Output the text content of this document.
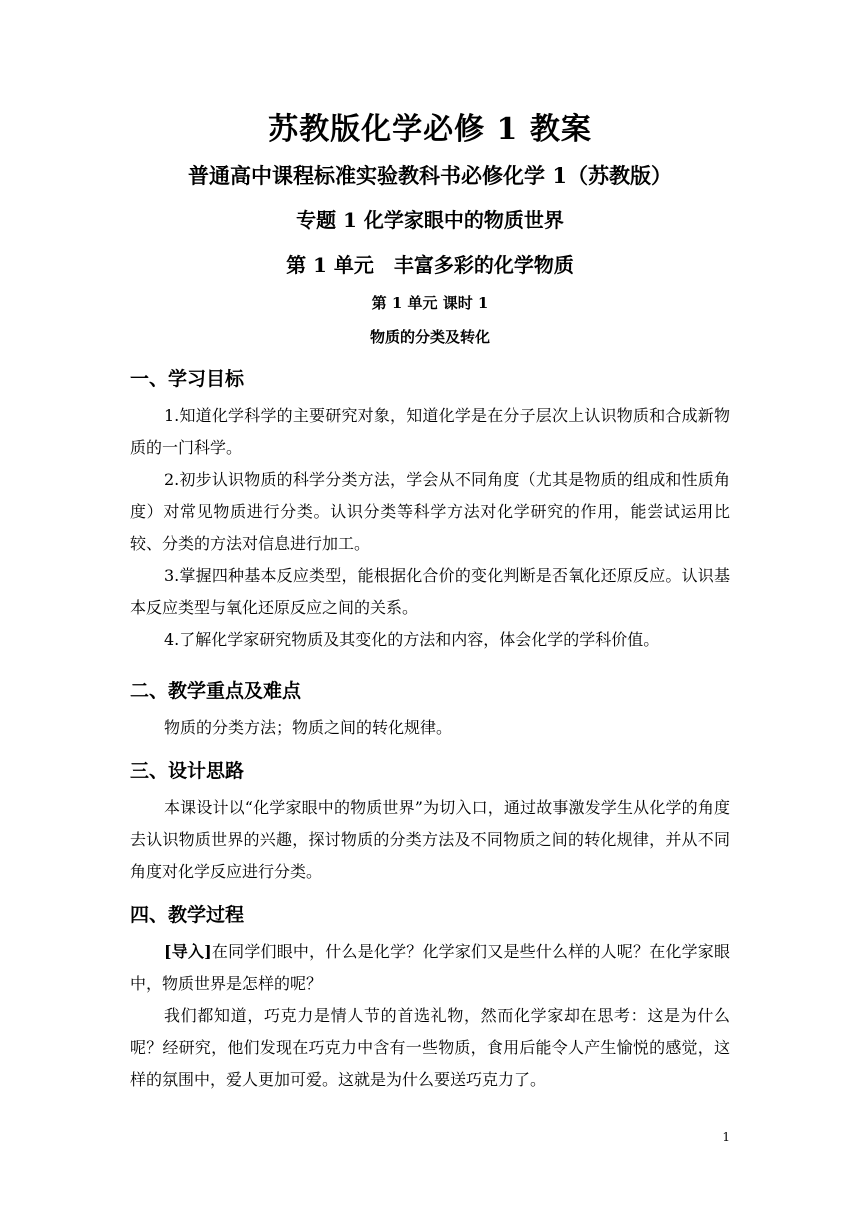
苏教版化学必修 1 教案
普通高中课程标准实验教科书必修化学 1（苏教版）
专题 1 化学家眼中的物质世界
第 1 单元　丰富多彩的化学物质
第 1 单元 课时 1
物质的分类及转化
一、学习目标
1.知道化学科学的主要研究对象，知道化学是在分子层次上认识物质和合成新物质的一门科学。
2.初步认识物质的科学分类方法，学会从不同角度（尤其是物质的组成和性质角度）对常见物质进行分类。认识分类等科学方法对化学研究的作用，能尝试运用比较、分类的方法对信息进行加工。
3.掌握四种基本反应类型，能根据化合价的变化判断是否氧化还原反应。认识基本反应类型与氧化还原反应之间的关系。
4.了解化学家研究物质及其变化的方法和内容，体会化学的学科价值。
二、教学重点及难点
物质的分类方法；物质之间的转化规律。
三、设计思路
本课设计以“化学家眼中的物质世界”为切入口，通过故事激发学生从化学的角度去认识物质世界的兴趣，探讨物质的分类方法及不同物质之间的转化规律，并从不同角度对化学反应进行分类。
四、教学过程
[导入]在同学们眼中，什么是化学？化学家们又是些什么样的人呢？在化学家眼中，物质世界是怎样的呢？
我们都知道，巧克力是情人节的首选礼物，然而化学家却在思考：这是为什么呢？经研究，他们发现在巧克力中含有一些物质，食用后能令人产生愉悦的感觉，这样的氛围中，爱人更加可爱。这就是为什么要送巧克力了。
1
